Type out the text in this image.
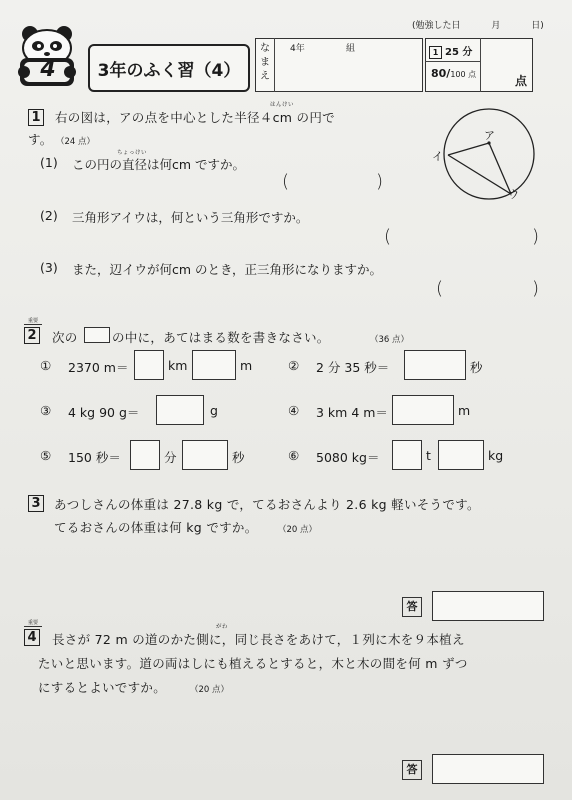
(勉強した日	月	日)
4 3年のふく習（4）
な
ま
え
4年	組	1 25 分
80/100 点	点
1
はんけい
右の図は，アの点を中心とした半径４cm の円で
す。 （24 点）	ア
イ
ウ
ちょっけい
(1) この円の直径は何cm ですか。
(	)
(2) 三角形アイウは，何という三角形ですか。
(	)
(3) また，辺イウが何cm のとき，正三角形になりますか。
(	)
重要
2 次の	の中に，あてはまる数を書きなさい。	（36 点）
① 2370 m＝	km	m	② 2 分 35 秒＝	秒
③ 4 kg 90 g＝	g	④ 3 km 4 m＝	m
⑤ 150 秒＝	分	秒	⑥ 5080 kg＝	t	kg
3 あつしさんの体重は 27.8 kg で，てるおさんより 2.6 kg 軽いそうです。
てるおさんの体重は何 kg ですか。 （20 点）
答
重要
4
がわ
長さが 72 m の道のかた側に，同じ長さをあけて，１列に木を９本植え
たいと思います。道の両はしにも植えるとすると，木と木の間を何 m ずつ
にするとよいですか。	（20 点）
答
